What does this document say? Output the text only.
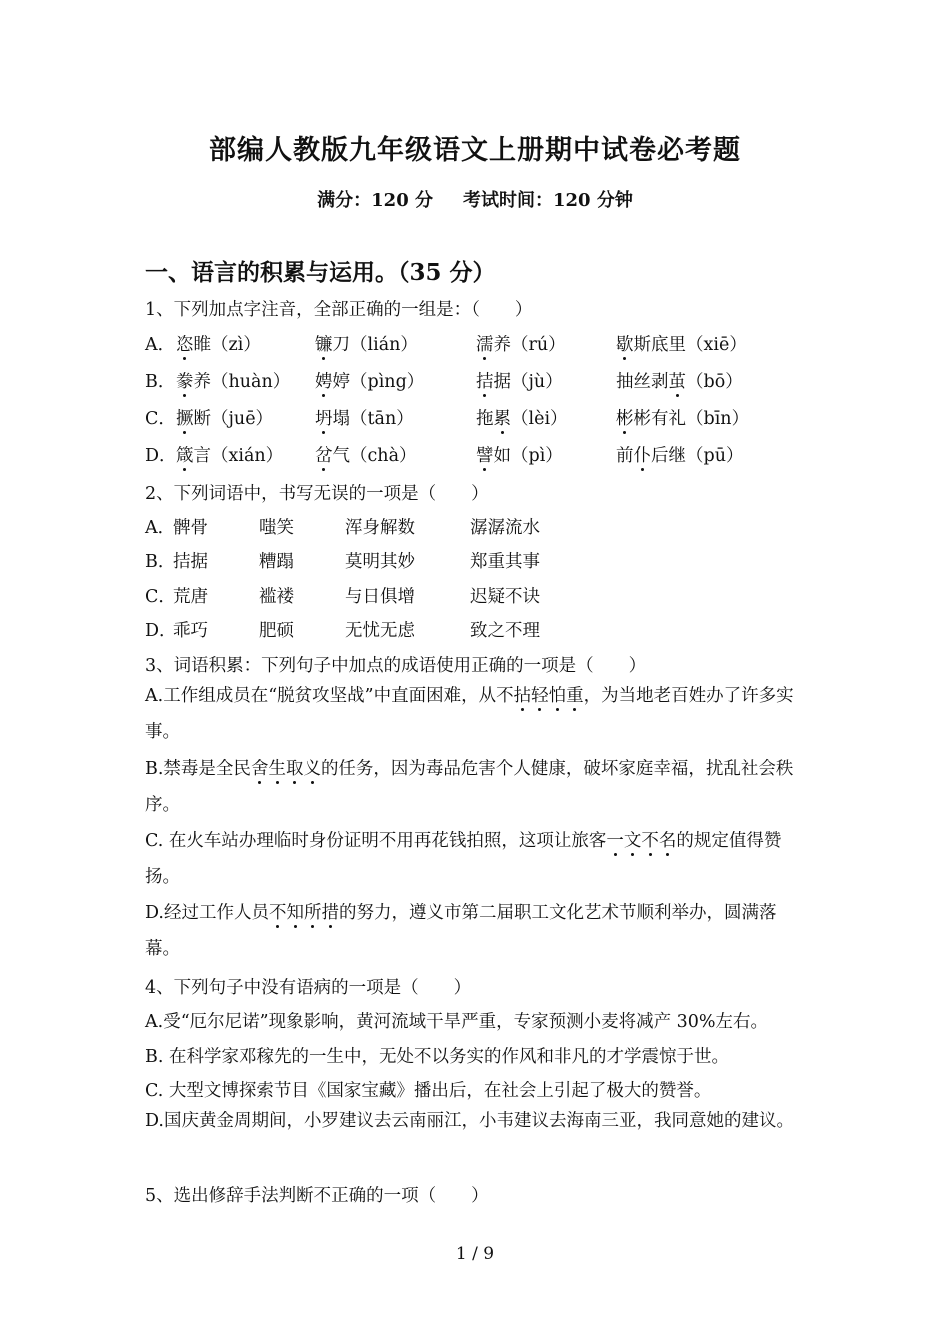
部编人教版九年级语文上册期中试卷必考题
满分：120 分 考试时间：120 分钟
一、语言的积累与运用。（35 分）
1、下列加点字注音，全部正确的一组是：（　　）
A． 恣睢（zì）	镰刀（lián）	濡养（rú）	歇斯底里（xiē）
B． 豢养（huàn） 娉婷（pìng）	拮据（jù）	抽丝剥茧（bō）
C． 撅断（juē） 坍塌（tān）	拖累（lèi）	彬彬有礼（bīn）
D． 箴言（xián） 岔气（chà）	譬如（pì）	前仆后继（pū）
2、下列词语中，书写无误的一项是（　　）
A．
髀骨	嗤笑	浑身解数	潺潺流水
B．
拮据	糟蹋	莫明其妙	郑重其事
C．
荒唐	褴褛	与日俱增	迟疑不诀
D．
乖巧	肥硕	无忧无虑	致之不理
3、词语积累：下列句子中加点的成语使用正确的一项是（　　）
A.工作组成员在“脱贫攻坚战”中直面困难，从不拈轻怕重，为当地老百姓办了许多实事。
B.禁毒是全民舍生取义的任务，因为毒品危害个人健康，破坏家庭幸福，扰乱社会秩序。
C. 在火车站办理临时身份证明不用再花钱拍照，这项让旅客一文不名的规定值得赞扬。
D.经过工作人员不知所措的努力，遵义市第二届职工文化艺术节顺利举办，圆满落幕。
4、下列句子中没有语病的一项是（　　）
A.受“厄尔尼诺”现象影响，黄河流域干旱严重，专家预测小麦将减产 30%左右。
B. 在科学家邓稼先的一生中，无处不以务实的作风和非凡的才学震惊于世。
C. 大型文博探索节目《国家宝藏》播出后，在社会上引起了极大的赞誉。
D.国庆黄金周期间，小罗建议去云南丽江，小韦建议去海南三亚，我同意她的建议。
5、选出修辞手法判断不正确的一项（　　）
1 / 9
